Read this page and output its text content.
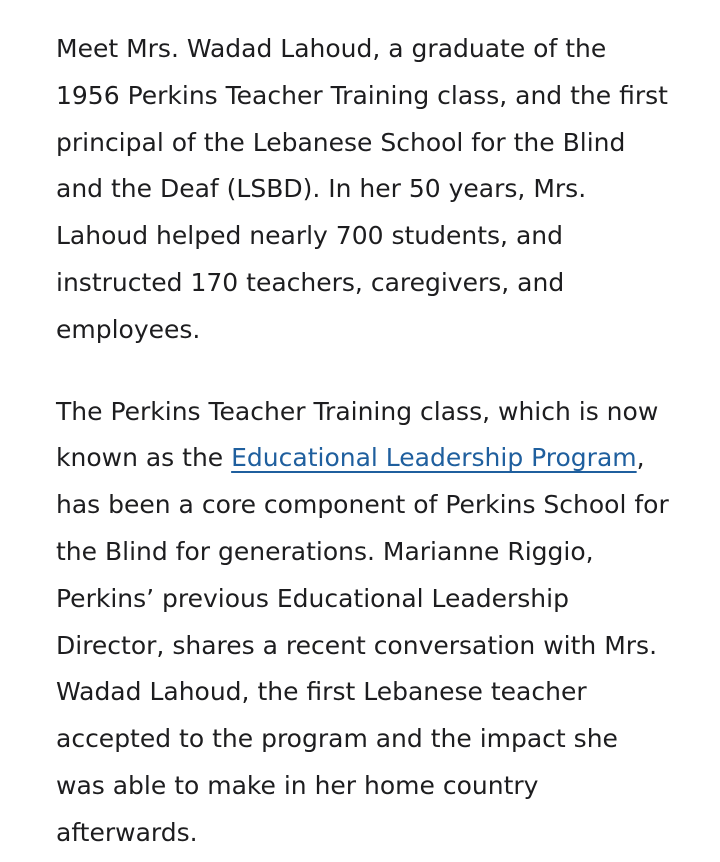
Meet Mrs. Wadad Lahoud, a graduate of the 1956 Perkins Teacher Training class, and the first principal of the Lebanese School for the Blind and the Deaf (LSBD). In her 50 years, Mrs. Lahoud helped nearly 700 students, and instructed 170 teachers, caregivers, and employees.

The Perkins Teacher Training class, which is now known as the Educational Leadership Program, has been a core component of Perkins School for the Blind for generations. Marianne Riggio, Perkins’ previous Educational Leadership Director, shares a recent conversation with Mrs. Wadad Lahoud, the first Lebanese teacher accepted to the program and the impact she was able to make in her home country afterwards.
